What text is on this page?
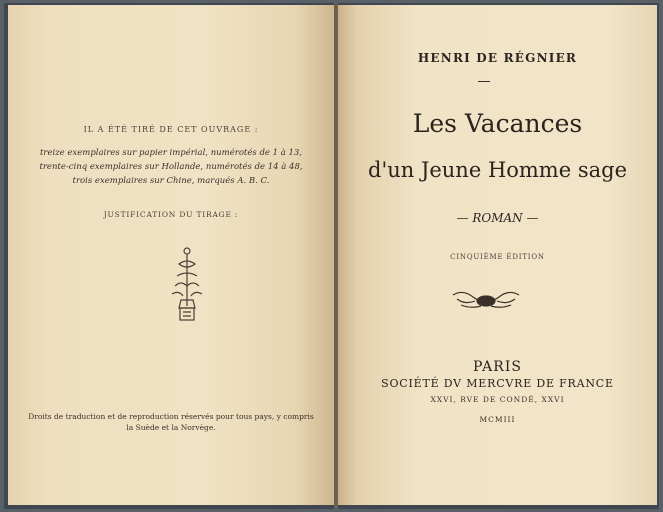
IL A ÉTÉ TIRÉ DE CET OUVRAGE :
treize exemplaires sur papier impérial, numérotés de 1 à 13,
trente-cinq exemplaires sur Hollande, numérotés de 14 à 48,
trois exemplaires sur Chine, marqués A. B. C.
JUSTIFICATION DU TIRAGE :
Droits de traduction et de reproduction réservés pour tous pays, y compris
la Suède et la Norvège.
HENRI DE RÉGNIER
Les Vacances
d'un Jeune Homme sage
— ROMAN —
CINQUIÈME ÉDITION
PARIS
SOCIÉTÉ DV MERCVRE DE FRANCE
XXVI, RVE DE CONDÉ, XXVI
MCMIII
